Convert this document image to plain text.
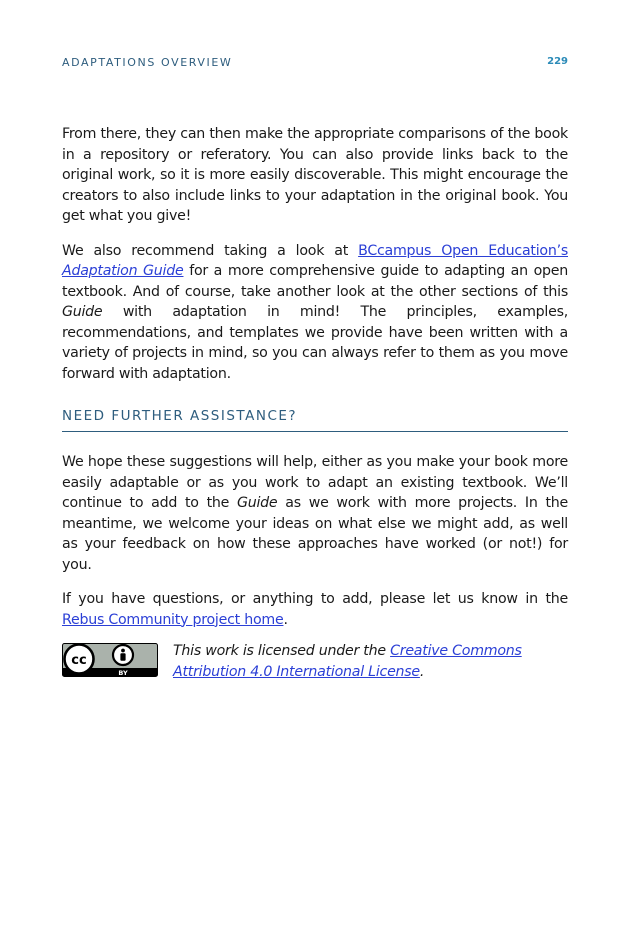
ADAPTATIONS OVERVIEW	229

From there, they can then make the appropriate comparisons of the book in a repository or referatory. You can also provide links back to the original work, so it is more easily discoverable. This might encourage the creators to also include links to your adaptation in the original book. You get what you give!

We also recommend taking a look at BCcampus Open Education’s Adaptation Guide for a more comprehensive guide to adapting an open textbook. And of course, take another look at the other sections of this Guide with adaptation in mind! The principles, examples, recommendations, and templates we provide have been written with a variety of projects in mind, so you can always refer to them as you move forward with adaptation.

NEED FURTHER ASSISTANCE?

We hope these suggestions will help, either as you make your book more easily adaptable or as you work to adapt an existing textbook. We’ll continue to add to the Guide as we work with more projects. In the meantime, we welcome your ideas on what else we might add, as well as your feedback on how these approaches have worked (or not!) for you.

If you have questions, or anything to add, please let us know in the Rebus Community project home.

cc
BY
This work is licensed under the Creative Commons Attribution 4.0 International License.
